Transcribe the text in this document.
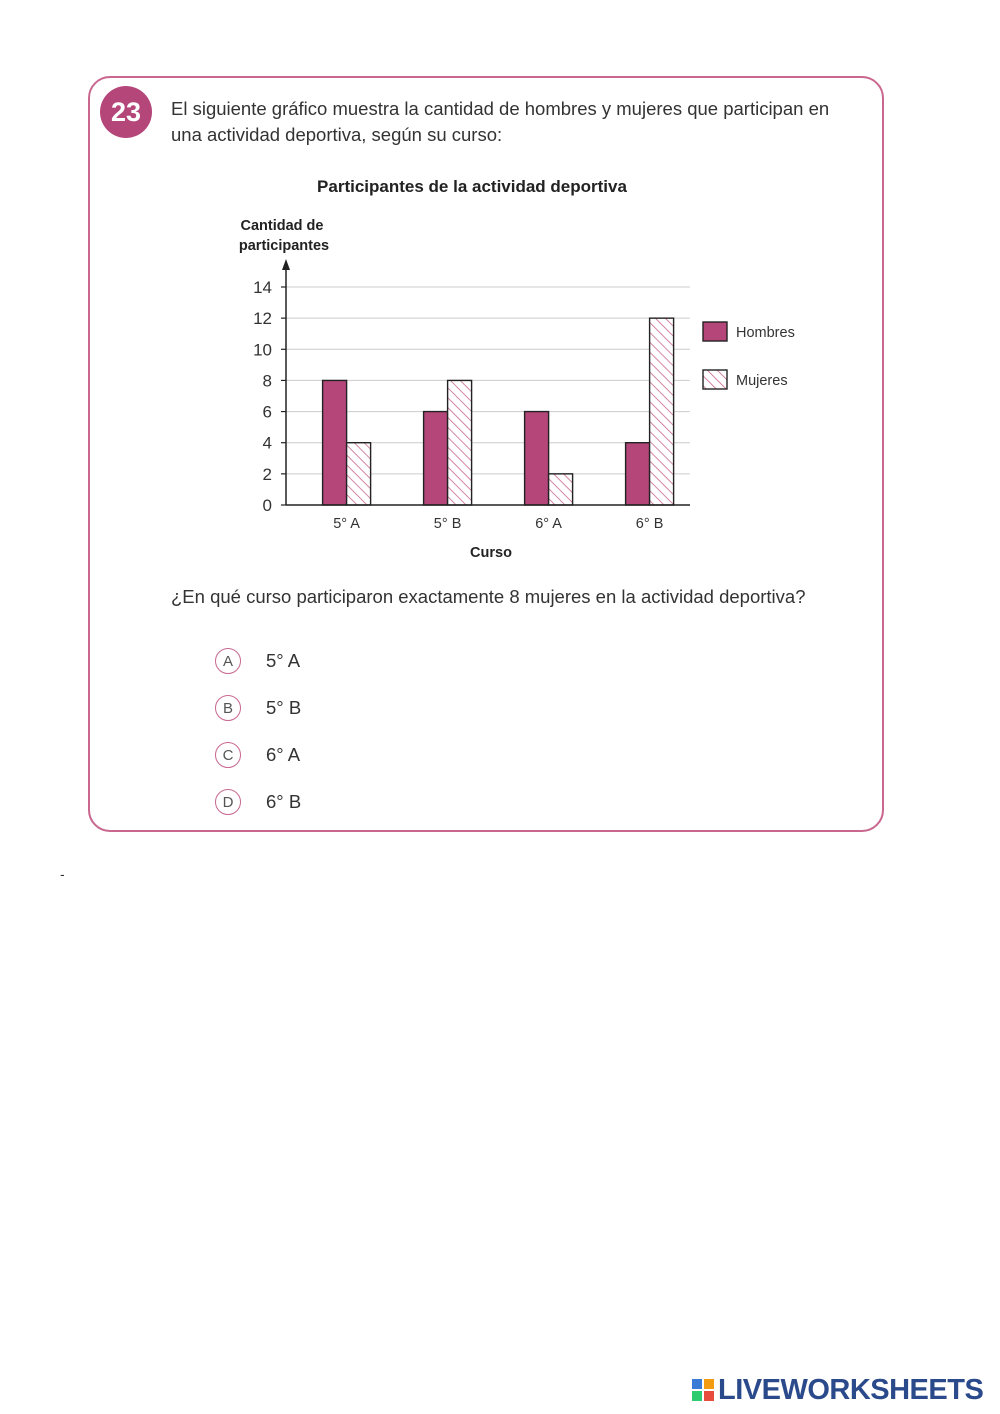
23	El siguiente gráfico muestra la cantidad de hombres y mujeres que participan en una actividad deportiva, según su curso:
Participantes de la actividad deportiva
Cantidad de participantes
0
2
4
6
8
10
12
14
5° A	5° B	6° A	6° B
Curso
Hombres
Mujeres
¿En qué curso participaron exactamente 8 mujeres en la actividad deportiva?
A	5° A
B	5° B
C	6° A
D	6° B
-
LIVEWORKSHEETS
